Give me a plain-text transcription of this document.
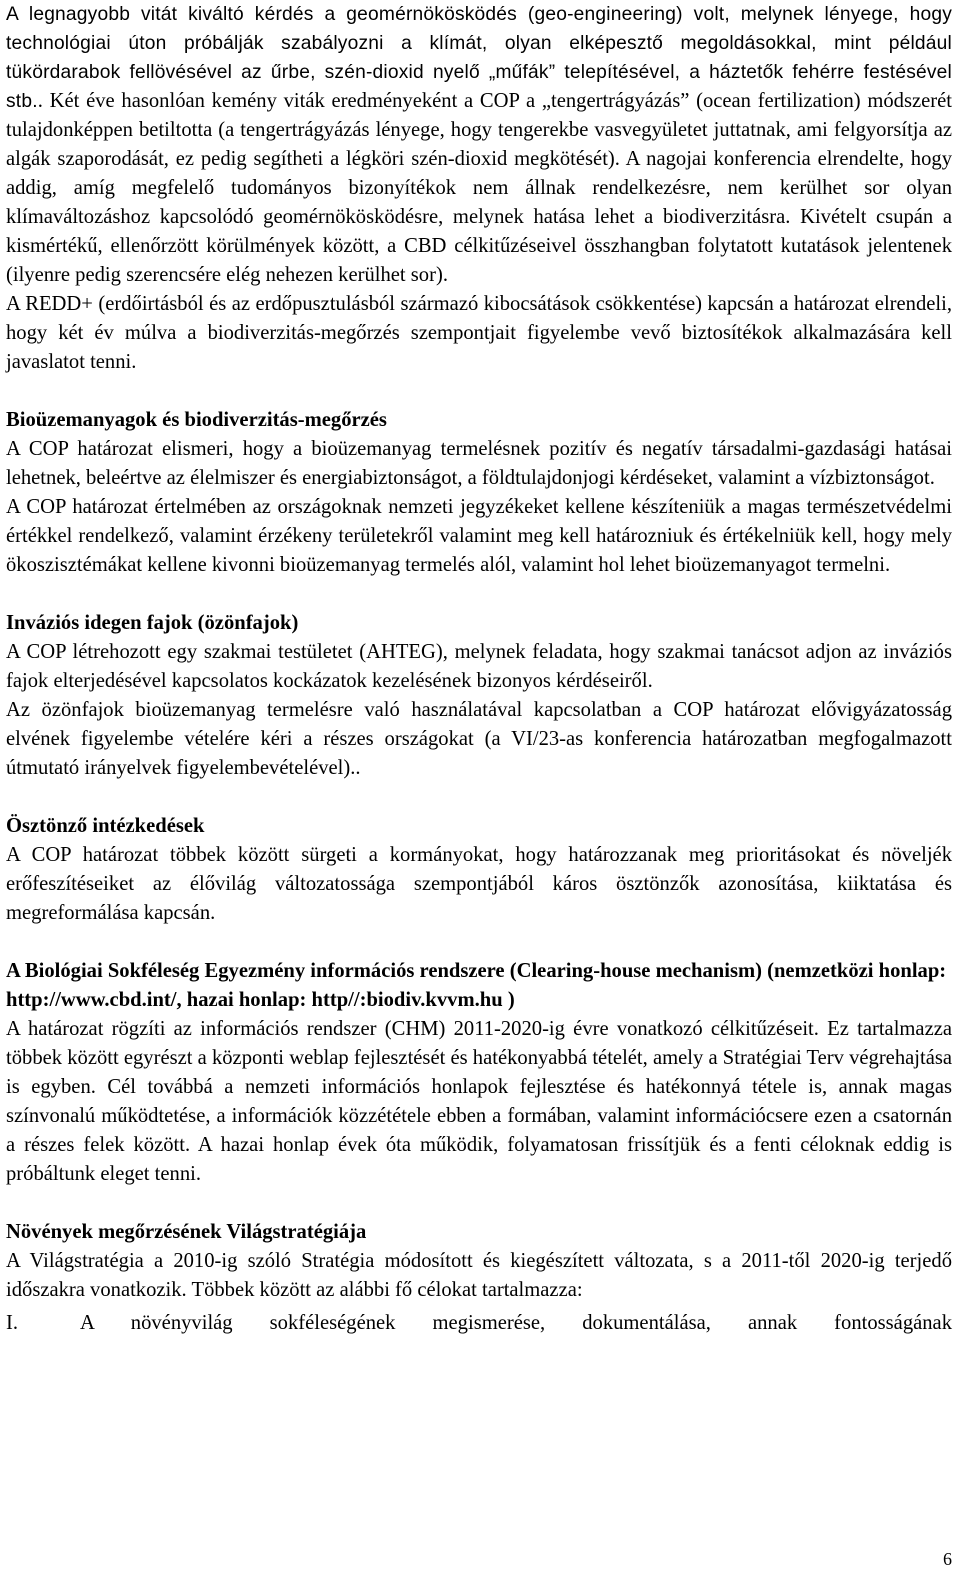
A legnagyobb vitát kiváltó kérdés a geomérnökösködés (geo-engineering) volt, melynek lényege, hogy technológiai úton próbálják szabályozni a klímát, olyan elképesztő megoldásokkal, mint például tükördarabok fellövésével az űrbe, szén-dioxid nyelő „műfák” telepítésével, a háztetők fehérre festésével stb.. Két éve hasonlóan kemény viták eredményeként a COP a „tengertrágyázás” (ocean fertilization) módszerét tulajdonképpen betiltotta (a tengertrágyázás lényege, hogy tengerekbe vasvegyületet juttatnak, ami felgyorsítja az algák szaporodását, ez pedig segítheti a légköri szén-dioxid megkötését). A nagojai konferencia elrendelte, hogy addig, amíg megfelelő tudományos bizonyítékok nem állnak rendelkezésre, nem kerülhet sor olyan klímaváltozáshoz kapcsolódó geomérnökösködésre, melynek hatása lehet a biodiverzitásra. Kivételt csupán a kismértékű, ellenőrzött körülmények között, a CBD célkitűzéseivel összhangban folytatott kutatások jelentenek (ilyenre pedig szerencsére elég nehezen kerülhet sor).

A REDD+ (erdőirtásból és az erdőpusztulásból származó kibocsátások csökkentése) kapcsán a határozat elrendeli, hogy két év múlva a biodiverzitás-megőrzés szempontjait figyelembe vevő biztosítékok alkalmazására kell javaslatot tenni.

Bioüzemanyagok és biodiverzitás-megőrzés

A COP határozat elismeri, hogy a bioüzemanyag termelésnek pozitív és negatív társadalmi-gazdasági hatásai lehetnek, beleértve az élelmiszer és energiabiztonságot, a földtulajdonjogi kérdéseket, valamint a vízbiztonságot.

A COP határozat értelmében az országoknak nemzeti jegyzékeket kellene készíteniük a magas természetvédelmi értékkel rendelkező, valamint érzékeny területekről valamint meg kell határozniuk és értékelniük kell, hogy mely ökoszisztémákat kellene kivonni bioüzemanyag termelés alól, valamint hol lehet bioüzemanyagot termelni.

Inváziós idegen fajok (özönfajok)

A COP létrehozott egy szakmai testületet (AHTEG), melynek feladata, hogy szakmai tanácsot adjon az inváziós fajok elterjedésével kapcsolatos kockázatok kezelésének bizonyos kérdéseiről.

Az özönfajok bioüzemanyag termelésre való használatával kapcsolatban a COP határozat elővigyázatosság elvének figyelembe vételére kéri a részes országokat (a VI/23-as konferencia határozatban megfogalmazott útmutató irányelvek figyelembevételével)..

Ösztönző intézkedések

A COP határozat többek között sürgeti a kormányokat, hogy határozzanak meg prioritásokat és növeljék erőfeszítéseiket az élővilág változatossága szempontjából káros ösztönzők azonosítása, kiiktatása és megreformálása kapcsán.

A Biológiai Sokféleség Egyezmény információs rendszere (Clearing-house mechanism) (nemzetközi honlap: http://www.cbd.int/, hazai honlap: http//:biodiv.kvvm.hu )

A határozat rögzíti az információs rendszer (CHM) 2011-2020-ig évre vonatkozó célkitűzéseit. Ez tartalmazza többek között egyrészt a központi weblap fejlesztését és hatékonyabbá tételét, amely a Stratégiai Terv végrehajtása is egyben. Cél továbbá a nemzeti információs honlapok fejlesztése és hatékonnyá tétele is, annak magas színvonalú működtetése, a információk közzététele ebben a formában, valamint információcsere ezen a csatornán a részes felek között. A hazai honlap évek óta működik, folyamatosan frissítjük és a fenti céloknak eddig is próbáltunk eleget tenni.

Növények megőrzésének Világstratégiája

A Világstratégia a 2010-ig szóló Stratégia módosított és kiegészített változata, s a 2011-től 2020-ig terjedő időszakra vonatkozik. Többek között az alábbi fő célokat tartalmazza:

I.	A növényvilág sokféleségének megismerése, dokumentálása, annak fontosságának
6
